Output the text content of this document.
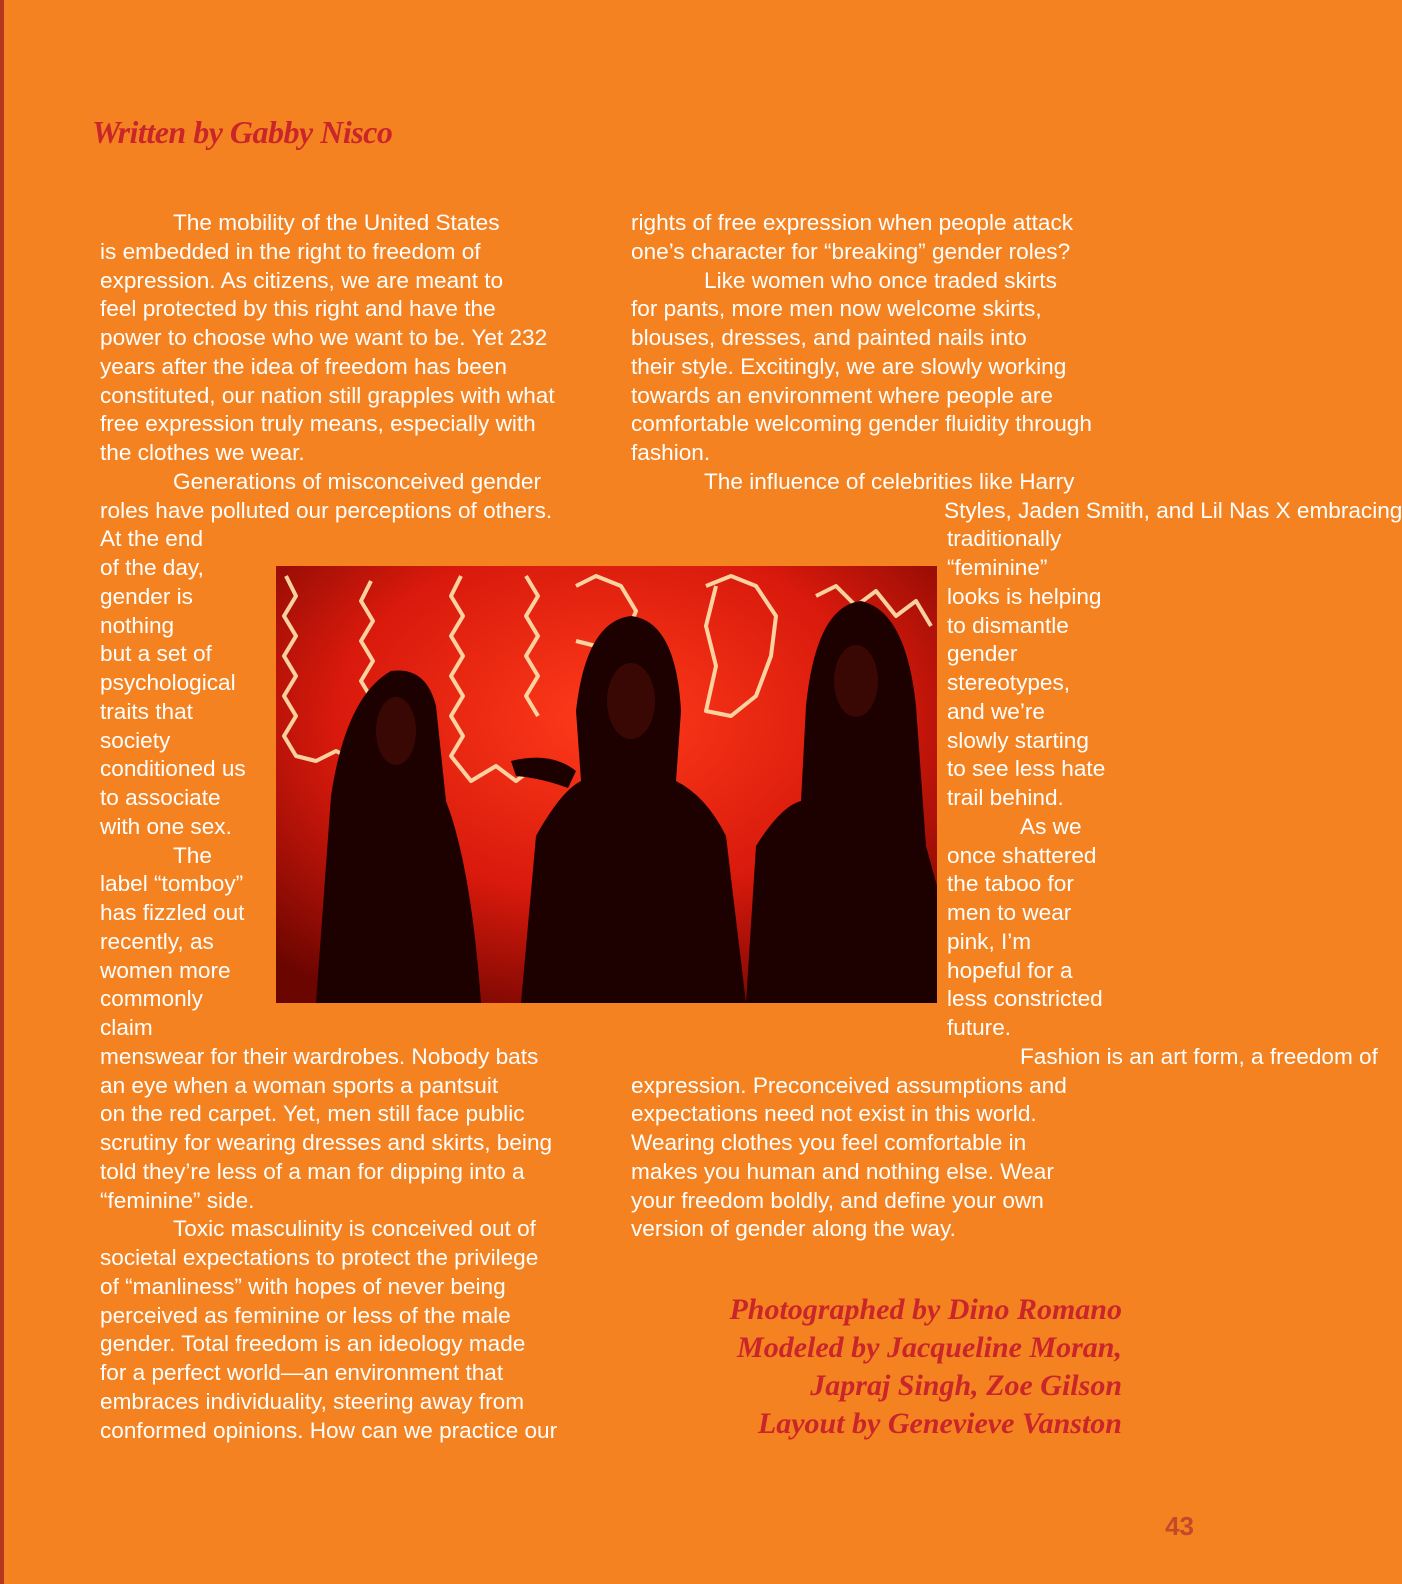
Written by Gabby Nisco

The mobility of the United States
is embedded in the right to freedom of
expression. As citizens, we are meant to
feel protected by this right and have the
power to choose who we want to be. Yet 232
years after the idea of freedom has been
constituted, our nation still grapples with what
free expression truly means, especially with
the clothes we wear.

Generations of misconceived gender
roles have polluted our perceptions of others.
At the end
of the day,
gender is
nothing
but a set of
psychological
traits that
society
conditioned us
to associate
with one sex.

The
label “tomboy”
has fizzled out
recently, as
women more
commonly
claim
menswear for their wardrobes. Nobody bats
an eye when a woman sports a pantsuit
on the red carpet. Yet, men still face public
scrutiny for wearing dresses and skirts, being
told they’re less of a man for dipping into a
“feminine” side.

Toxic masculinity is conceived out of
societal expectations to protect the privilege
of “manliness” with hopes of never being
perceived as feminine or less of the male
gender. Total freedom is an ideology made
for a perfect world—an environment that
embraces individuality, steering away from
conformed opinions. How can we practice our

rights of free expression when people attack
one’s character for “breaking” gender roles?

Like women who once traded skirts
for pants, more men now welcome skirts,
blouses, dresses, and painted nails into
their style. Excitingly, we are slowly working
towards an environment where people are
comfortable welcoming gender fluidity through
fashion.

The influence of celebrities like Harry
Styles, Jaden Smith, and Lil Nas X embracing
traditionally
“feminine”
looks is helping
to dismantle
gender
stereotypes,
and we’re
slowly starting
to see less hate
trail behind.

As we
once shattered
the taboo for
men to wear
pink, I’m
hopeful for a
less constricted
future.

Fashion is an art form, a freedom of
expression. Preconceived assumptions and
expectations need not exist in this world.
Wearing clothes you feel comfortable in
makes you human and nothing else. Wear
your freedom boldly, and define your own
version of gender along the way.

Photographed by Dino Romano
Modeled by Jacqueline Moran,
Japraj Singh, Zoe Gilson
Layout by Genevieve Vanston
43
